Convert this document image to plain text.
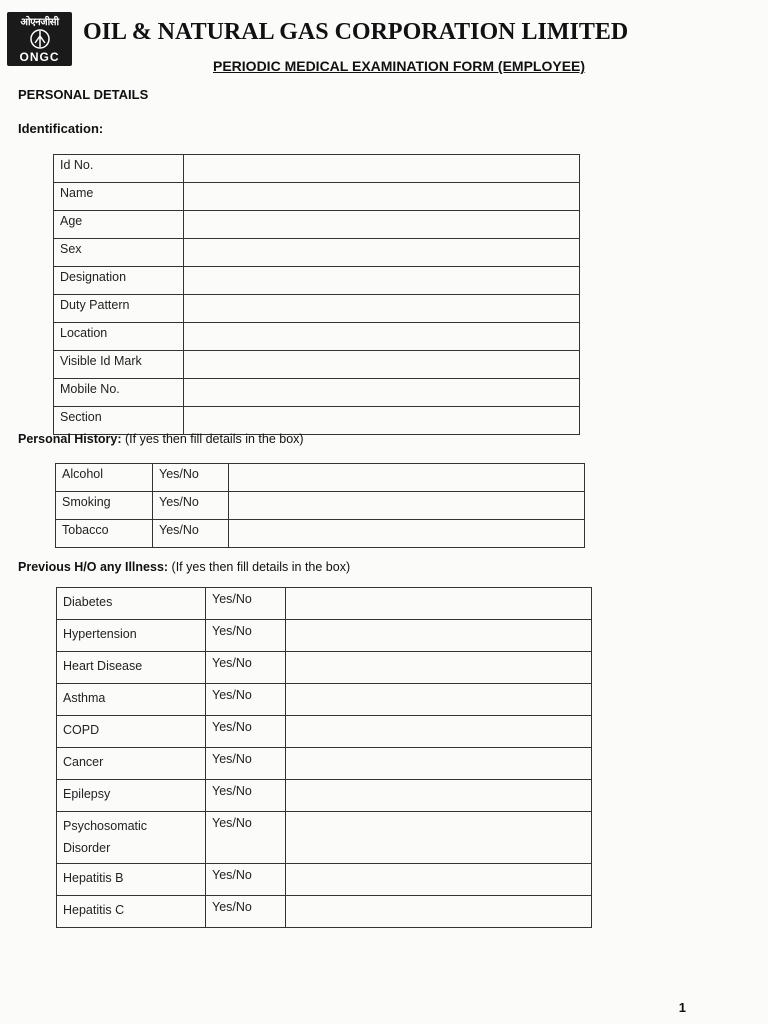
ओएनजीसी
ONGC
OIL & NATURAL GAS CORPORATION LIMITED
PERIODIC MEDICAL EXAMINATION FORM (EMPLOYEE)
PERSONAL DETAILS
Identification:
Id No.	
Name	
Age	
Sex	
Designation	
Duty Pattern	
Location	
Visible Id Mark	
Mobile No.	
Section	
Personal History: (If yes then fill details in the box)
Alcohol	Yes/No	
Smoking	Yes/No	
Tobacco	Yes/No	
Previous H/O any Illness: (If yes then fill details in the box)
Diabetes	Yes/No	

Hypertension	Yes/No	

Heart Disease	Yes/No	

Asthma	Yes/No	

COPD	Yes/No	

Cancer	Yes/No	

Epilepsy	Yes/No	

Psychosomatic
Disorder	Yes/No	

Hepatitis B	Yes/No	

Hepatitis C	Yes/No	
1
